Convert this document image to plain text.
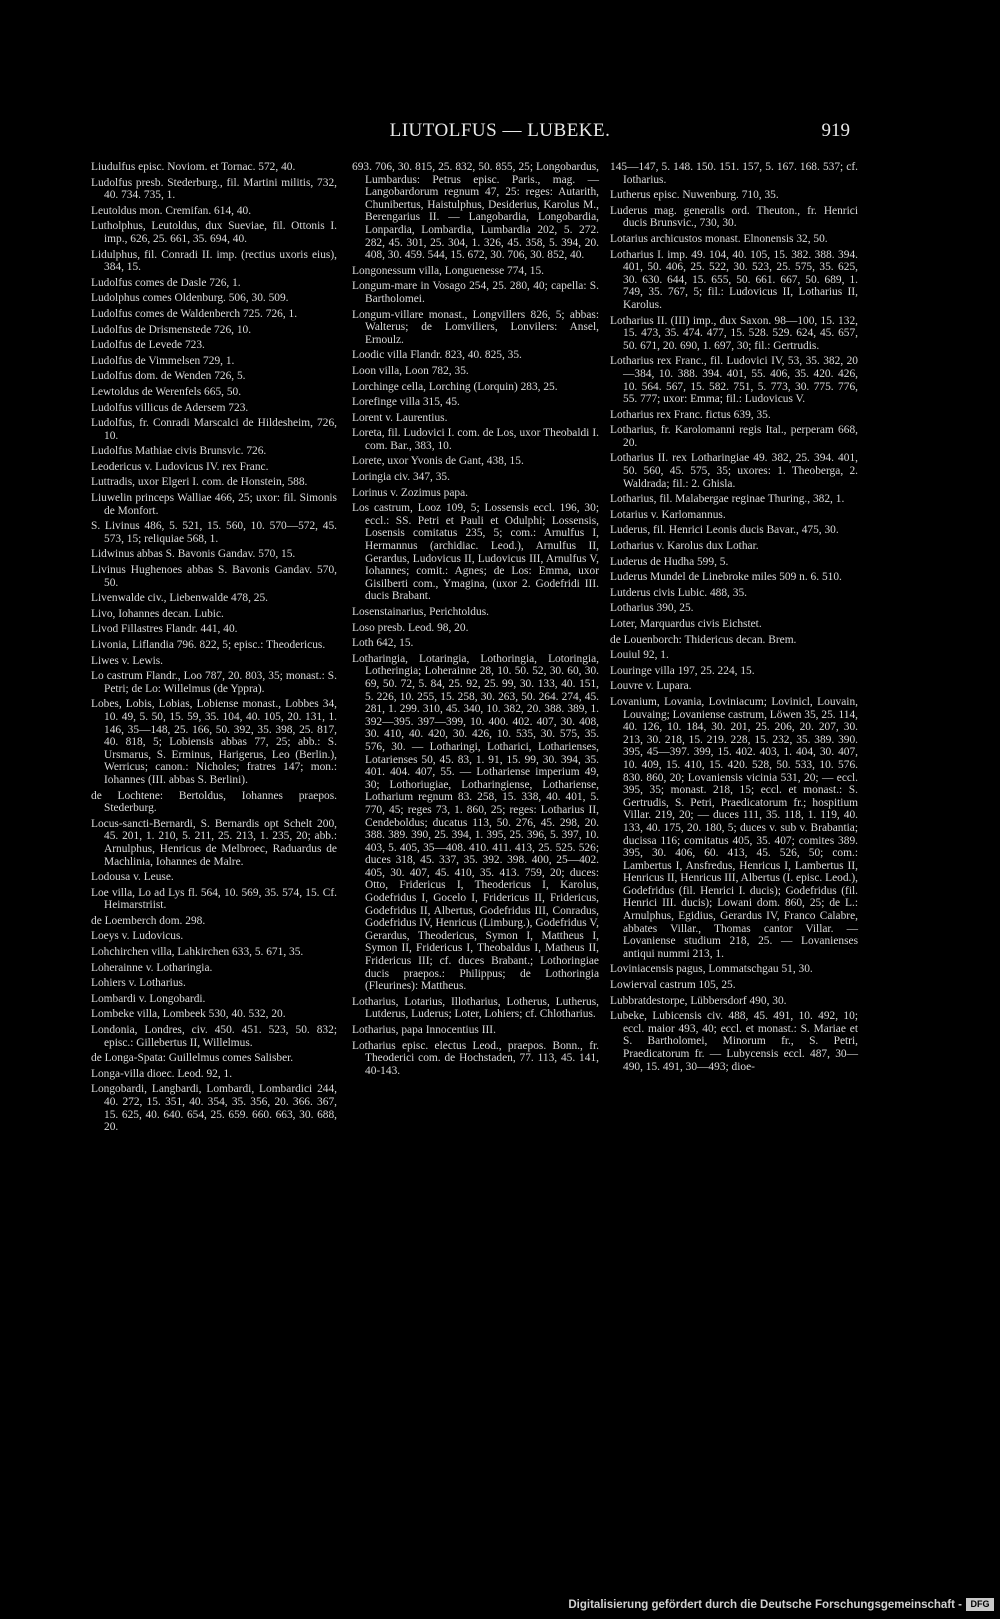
LIUTOLFUS — LUBEKE.	919

Liudulfus episc. Noviom. et Tornac. 572, 40.

Ludolfus presb. Stederburg., fil. Martini militis, 732, 40. 734. 735, 1.

Leutoldus mon. Cremifan. 614, 40.

Lutholphus, Leutoldus, dux Sueviae, fil. Ottonis I. imp., 626, 25. 661, 35. 694, 40.

Lidulphus, fil. Conradi II. imp. (rectius uxoris eius), 384, 15.

Ludolfus comes de Dasle 726, 1.

Ludolphus comes Oldenburg. 506, 30. 509.

Ludolfus comes de Waldenberch 725. 726, 1.

Ludolfus de Drismenstede 726, 10.

Ludolfus de Levede 723.

Ludolfus de Vimmelsen 729, 1.

Ludolfus dom. de Wenden 726, 5.

Lewtoldus de Werenfels 665, 50.

Ludolfus villicus de Adersem 723.

Ludolfus, fr. Conradi Marscalci de Hildesheim, 726, 10.

Ludolfus Mathiae civis Brunsvic. 726.

Leodericus v. Ludovicus IV. rex Franc.

Luttradis, uxor Elgeri I. com. de Honstein, 588.

Liuwelin princeps Walliae 466, 25; uxor: fil. Simonis de Monfort.

S. Livinus 486, 5. 521, 15. 560, 10. 570—572, 45. 573, 15; reliquiae 568, 1.

Lidwinus abbas S. Bavonis Gandav. 570, 15.

Livinus Hughenoes abbas S. Bavonis Gandav. 570, 50.

Livenwalde civ., Liebenwalde 478, 25.

Livo, Iohannes decan. Lubic.

Livod Fillastres Flandr. 441, 40.

Livonia, Liflandia 796. 822, 5; episc.: Theodericus.

Liwes v. Lewis.

Lo castrum Flandr., Loo 787, 20. 803, 35; monast.: S. Petri; de Lo: Willelmus (de Yppra).

Lobes, Lobis, Lobias, Lobiense monast., Lobbes 34, 10. 49, 5. 50, 15. 59, 35. 104, 40. 105, 20. 131, 1. 146, 35—148, 25. 166, 50. 392, 35. 398, 25. 817, 40. 818, 5; Lobiensis abbas 77, 25; abb.: S. Ursmarus, S. Erminus, Harigerus, Leo (Berlin.), Werricus; canon.: Nicholes; fratres 147; mon.: Iohannes (III. abbas S. Berlini).

de Lochtene: Bertoldus, Iohannes praepos. Stederburg.

Locus-sancti-Bernardi, S. Bernardis opt Schelt 200, 45. 201, 1. 210, 5. 211, 25. 213, 1. 235, 20; abb.: Arnulphus, Henricus de Melbroec, Raduardus de Machlinia, Iohannes de Malre.

Lodousa v. Leuse.

Loe villa, Lo ad Lys fl. 564, 10. 569, 35. 574, 15. Cf. Heimarstriist.

de Loemberch dom. 298.

Loeys v. Ludovicus.

Lohchirchen villa, Lahkirchen 633, 5. 671, 35.

Loherainne v. Lotharingia.

Lohiers v. Lotharius.

Lombardi v. Longobardi.

Lombeke villa, Lombeek 530, 40. 532, 20.

Londonia, Londres, civ. 450. 451. 523, 50. 832; episc.: Gillebertus II, Willelmus.

de Longa-Spata: Guillelmus comes Salisber.

Longa-villa dioec. Leod. 92, 1.

Longobardi, Langbardi, Lombardi, Lombardici 244, 40. 272, 15. 351, 40. 354, 35. 356, 20. 366. 367, 15. 625, 40. 640. 654, 25. 659. 660. 663, 30. 688, 20.

693. 706, 30. 815, 25. 832, 50. 855, 25; Longobardus, Lumbardus: Petrus episc. Paris., mag. — Langobardorum regnum 47, 25: reges: Autarith, Chunibertus, Haistulphus, Desiderius, Karolus M., Berengarius II. — Langobardia, Longobardia, Lonpardia, Lombardia, Lumbardia 202, 5. 272. 282, 45. 301, 25. 304, 1. 326, 45. 358, 5. 394, 20. 408, 30. 459. 544, 15. 672, 30. 706, 30. 852, 40.

Longonessum villa, Longuenesse 774, 15.

Longum-mare in Vosago 254, 25. 280, 40; capella: S. Bartholomei.

Longum-villare monast., Longvillers 826, 5; abbas: Walterus; de Lomviliers, Lonvilers: Ansel, Ernoulz.

Loodic villa Flandr. 823, 40. 825, 35.

Loon villa, Loon 782, 35.

Lorchinge cella, Lorching (Lorquin) 283, 25.

Lorefinge villa 315, 45.

Lorent v. Laurentius.

Loreta, fil. Ludovici I. com. de Los, uxor Theobaldi I. com. Bar., 383, 10.

Lorete, uxor Yvonis de Gant, 438, 15.

Loringia civ. 347, 35.

Lorinus v. Zozimus papa.

Los castrum, Looz 109, 5; Lossensis eccl. 196, 30; eccl.: SS. Petri et Pauli et Odulphi; Lossensis, Losensis comitatus 235, 5; com.: Arnulfus I, Hermannus (archidiac. Leod.), Arnulfus II, Gerardus, Ludovicus II, Ludovicus III, Arnulfus V, Iohannes; comit.: Agnes; de Los: Emma, uxor Gisilberti com., Ymagina, (uxor 2. Godefridi III. ducis Brabant.

Losenstainarius, Perichtoldus.

Loso presb. Leod. 98, 20.

Loth 642, 15.

Lotharingia, Lotaringia, Lothoringia, Lotoringia, Lotheringia; Loherainne 28, 10. 50. 52, 30. 60, 30. 69, 50. 72, 5. 84, 25. 92, 25. 99, 30. 133, 40. 151, 5. 226, 10. 255, 15. 258, 30. 263, 50. 264. 274, 45. 281, 1. 299. 310, 45. 340, 10. 382, 20. 388. 389, 1. 392—395. 397—399, 10. 400. 402. 407, 30. 408, 30. 410, 40. 420, 30. 426, 10. 535, 30. 575, 35. 576, 30. — Lotharingi, Lotharici, Lotharienses, Lotarienses 50, 45. 83, 1. 91, 15. 99, 30. 394, 35. 401. 404. 407, 55. — Lothariense imperium 49, 30; Lothoriugiae, Lotharingiense, Lothariense, Lotharium regnum 83. 258, 15. 338, 40. 401, 5. 770, 45; reges 73, 1. 860, 25; reges: Lotharius II, Cendeboldus; ducatus 113, 50. 276, 45. 298, 20. 388. 389. 390, 25. 394, 1. 395, 25. 396, 5. 397, 10. 403, 5. 405, 35—408. 410. 411. 413, 25. 525. 526; duces 318, 45. 337, 35. 392. 398. 400, 25—402. 405, 30. 407, 45. 410, 35. 413. 759, 20; duces: Otto, Fridericus I, Theodericus I, Karolus, Godefridus I, Gocelo I, Fridericus II, Fridericus, Godefridus II, Albertus, Godefridus III, Conradus, Godefridus IV, Henricus (Limburg.), Godefridus V, Gerardus, Theodericus, Symon I, Mattheus I, Symon II, Fridericus I, Theobaldus I, Matheus II, Fridericus III; cf. duces Brabant.; Lothoringiae ducis praepos.: Philippus; de Lothoringia (Fleurines): Mattheus.

Lotharius, Lotarius, Illotharius, Lotherus, Lutherus, Lutderus, Luderus; Loter, Lohiers; cf. Chlotharius.

Lotharius, papa Innocentius III.

Lotharius episc. electus Leod., praepos. Bonn., fr. Theoderici com. de Hochstaden, 77. 113, 45. 141, 40-143.

145—147, 5. 148. 150. 151. 157, 5. 167. 168. 537; cf. Iotharius.

Lutherus episc. Nuwenburg. 710, 35.

Luderus mag. generalis ord. Theuton., fr. Henrici ducis Brunsvic., 730, 30.

Lotarius archicustos monast. Elnonensis 32, 50.

Lotharius I. imp. 49. 104, 40. 105, 15. 382. 388. 394. 401, 50. 406, 25. 522, 30. 523, 25. 575, 35. 625, 30. 630. 644, 15. 655, 50. 661. 667, 50. 689, 1. 749, 35. 767, 5; fil.: Ludovicus II, Lotharius II, Karolus.

Lotharius II. (III) imp., dux Saxon. 98—100, 15. 132, 15. 473, 35. 474. 477, 15. 528. 529. 624, 45. 657, 50. 671, 20. 690, 1. 697, 30; fil.: Gertrudis.

Lotharius rex Franc., fil. Ludovici IV, 53, 35. 382, 20—384, 10. 388. 394. 401, 55. 406, 35. 420. 426, 10. 564. 567, 15. 582. 751, 5. 773, 30. 775. 776, 55. 777; uxor: Emma; fil.: Ludovicus V.

Lotharius rex Franc. fictus 639, 35.

Lotharius, fr. Karolomanni regis Ital., perperam 668, 20.

Lotharius II. rex Lotharingiae 49. 382, 25. 394. 401, 50. 560, 45. 575, 35; uxores: 1. Theoberga, 2. Waldrada; fil.: 2. Ghisla.

Lotharius, fil. Malabergae reginae Thuring., 382, 1.

Lotarius v. Karlomannus.

Luderus, fil. Henrici Leonis ducis Bavar., 475, 30.

Lotharius v. Karolus dux Lothar.

Luderus de Hudha 599, 5.

Luderus Mundel de Linebroke miles 509 n. 6. 510.

Lutderus civis Lubic. 488, 35.

Lotharius 390, 25.

Loter, Marquardus civis Eichstet.

de Louenborch: Thidericus decan. Brem.

Louiul 92, 1.

Louringe villa 197, 25. 224, 15.

Louvre v. Lupara.

Lovanium, Lovania, Loviniacum; Lovinicl, Louvain, Louvaing; Lovaniense castrum, Löwen 35, 25. 114, 40. 126, 10. 184, 30. 201, 25. 206, 20. 207, 30. 213, 30. 218, 15. 219. 228, 15. 232, 35. 389. 390. 395, 45—397. 399, 15. 402. 403, 1. 404, 30. 407, 10. 409, 15. 410, 15. 420. 528, 50. 533, 10. 576. 830. 860, 20; Lovaniensis vicinia 531, 20; — eccl. 395, 35; monast. 218, 15; eccl. et monast.: S. Gertrudis, S. Petri, Praedicatorum fr.; hospitium Villar. 219, 20; — duces 111, 35. 118, 1. 119, 40. 133, 40. 175, 20. 180, 5; duces v. sub v. Brabantia; ducissa 116; comitatus 405, 35. 407; comites 389. 395, 30. 406, 60. 413, 45. 526, 50; com.: Lambertus I, Ansfredus, Henricus I, Lambertus II, Henricus II, Henricus III, Albertus (I. episc. Leod.), Godefridus (fil. Henrici I. ducis); Godefridus (fil. Henrici III. ducis); Lowani dom. 860, 25; de L.: Arnulphus, Egidius, Gerardus IV, Franco Calabre, abbates Villar., Thomas cantor Villar. — Lovaniense studium 218, 25. — Lovanienses antiqui nummi 213, 1.

Loviniacensis pagus, Lommatschgau 51, 30.

Lowierval castrum 105, 25.

Lubbratdestorpe, Lübbersdorf 490, 30.

Lubeke, Lubicensis civ. 488, 45. 491, 10. 492, 10; eccl. maior 493, 40; eccl. et monast.: S. Mariae et S. Bartholomei, Minorum fr., S. Petri, Praedicatorum fr. — Lubycensis eccl. 487, 30—490, 15. 491, 30—493; dioe-

Digitalisierung gefördert durch die Deutsche Forschungsgemeinschaft - DFG
